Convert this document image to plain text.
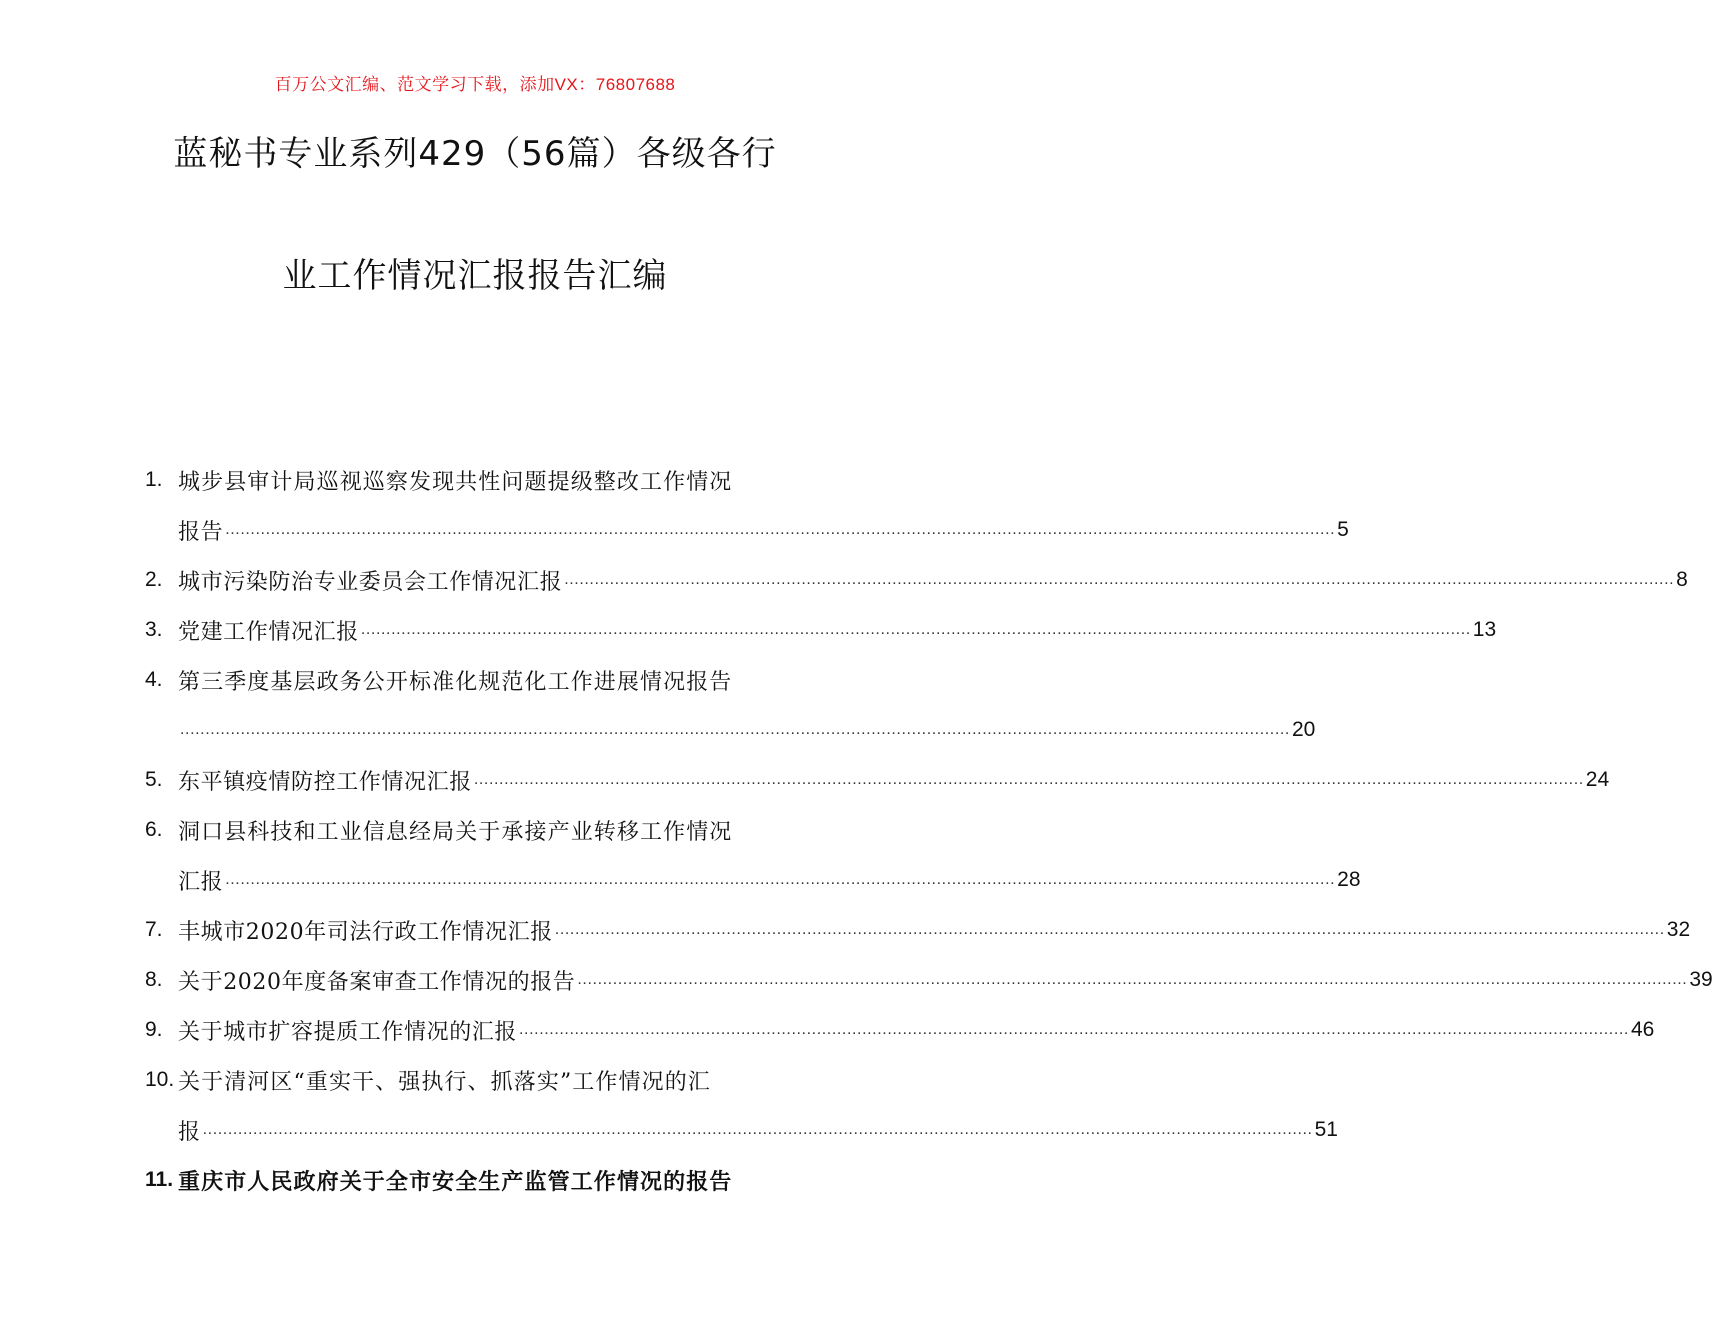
百万公文汇编、范文学习下载，添加VX：76807688
蓝秘书专业系列429（56篇）各级各行
业工作情况汇报报告汇编
1. 城步县审计局巡视巡察发现共性问题提级整改工作情况
报告 ............................................................................................................................................................................................................................ 5
2. 城市污染防治专业委员会工作情况汇报 ............................................................................................................................................................................................................................ 8
3. 党建工作情况汇报 ............................................................................................................................................................................................................................ 13
4. 第三季度基层政务公开标准化规范化工作进展情况报告
............................................................................................................................................................................................................................ 20
5. 东平镇疫情防控工作情况汇报 ............................................................................................................................................................................................................................ 24
6. 洞口县科技和工业信息经局关于承接产业转移工作情况
汇报 ............................................................................................................................................................................................................................ 28
7. 丰城市2020年司法行政工作情况汇报 ............................................................................................................................................................................................................................ 32
8. 关于2020年度备案审查工作情况的报告 ............................................................................................................................................................................................................................ 39
9. 关于城市扩容提质工作情况的汇报 ............................................................................................................................................................................................................................ 46
10. 关于清河区“重实干、强执行、抓落实”工作情况的汇
报 ............................................................................................................................................................................................................................ 51
11. 重庆市人民政府关于全市安全生产监管工作情况的报告
